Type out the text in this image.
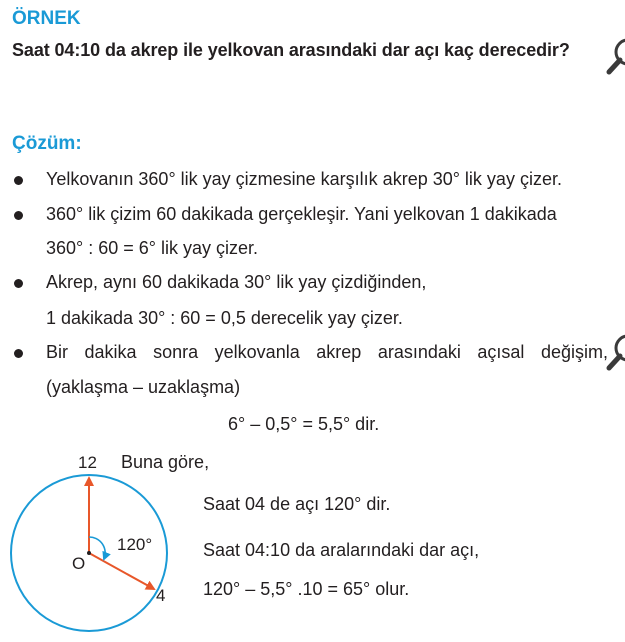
ÖRNEK
Saat 04:10 da akrep ile yelkovan arasındaki dar açı kaç derecedir?
Çözüm:
Yelkovanın 360° lik yay çizmesine karşılık akrep 30° lik yay çizer.
360° lik çizim 60 dakikada gerçekleşir. Yani yelkovan 1 dakikada
360° : 60 = 6° lik yay çizer.
Akrep, aynı 60 dakikada 30° lik yay çizdiğinden,
1 dakikada 30° : 60 = 0,5 derecelik yay çizer.
Bir dakika sonra yelkovanla akrep arasındaki açısal değişim,
(yaklaşma – uzaklaşma)
6° – 0,5° = 5,5° dir.
12
O
120°
4
Buna göre,
Saat 04 de açı 120° dir.
Saat 04:10 da aralarındaki dar açı,
120° – 5,5° .10 = 65° olur.
